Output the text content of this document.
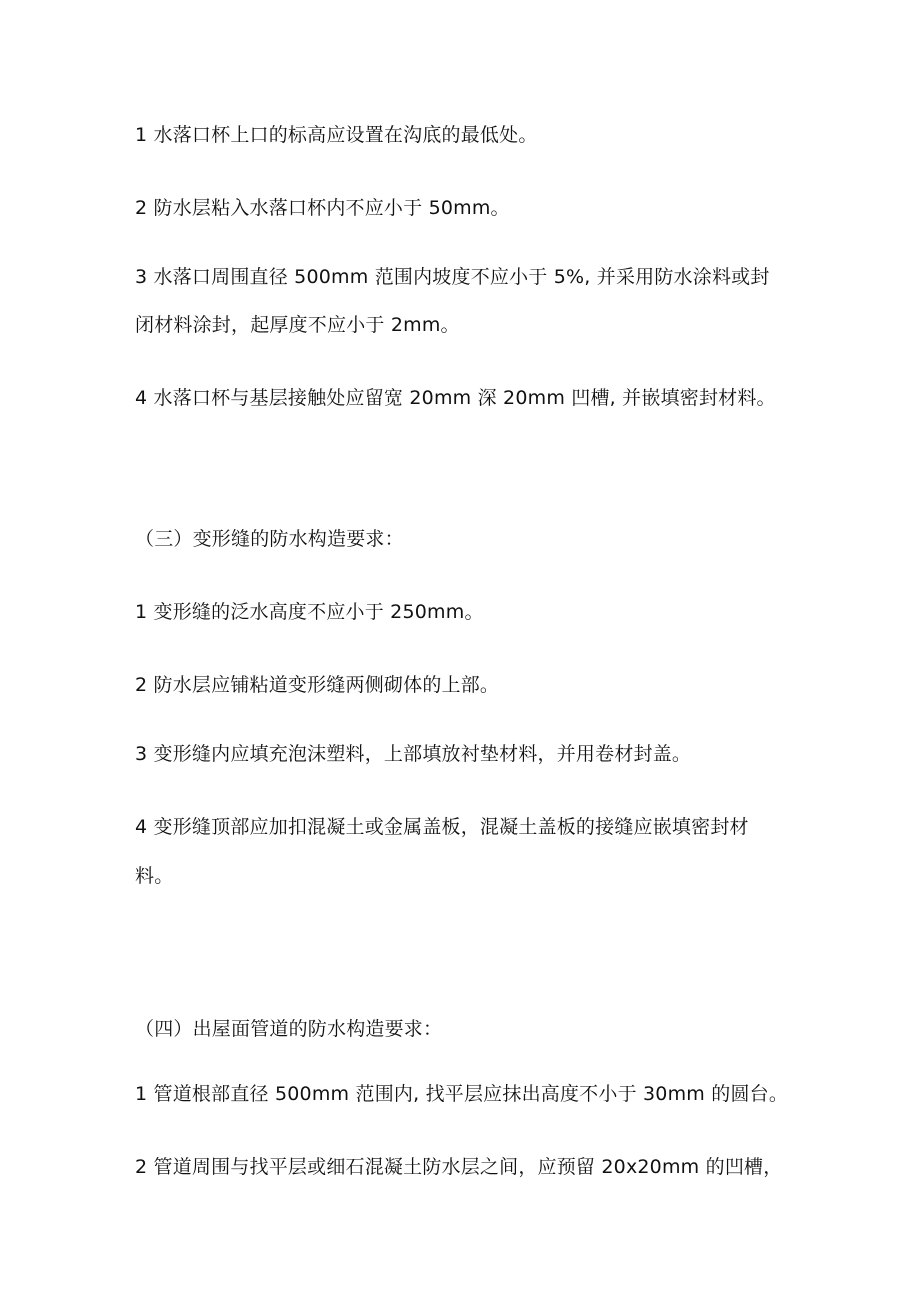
1 水落口杯上口的标高应设置在沟底的最低处。
2 防水层粘入水落口杯内不应小于 50mm。
3 水落口周围直径 500mm 范围内坡度不应小于 5%, 并采用防水涂料或封
闭材料涂封，起厚度不应小于 2mm。
4 水落口杯与基层接触处应留宽 20mm 深 20mm 凹槽, 并嵌填密封材料。
（三）变形缝的防水构造要求：
1 变形缝的泛水高度不应小于 250mm。
2 防水层应铺粘道变形缝两侧砌体的上部。
3 变形缝内应填充泡沫塑料，上部填放衬垫材料，并用卷材封盖。
4 变形缝顶部应加扣混凝土或金属盖板，混凝土盖板的接缝应嵌填密封材
料。
（四）出屋面管道的防水构造要求：
1 管道根部直径 500mm 范围内, 找平层应抹出高度不小于 30mm 的圆台。
2 管道周围与找平层或细石混凝土防水层之间，应预留 20x20mm 的凹槽，
